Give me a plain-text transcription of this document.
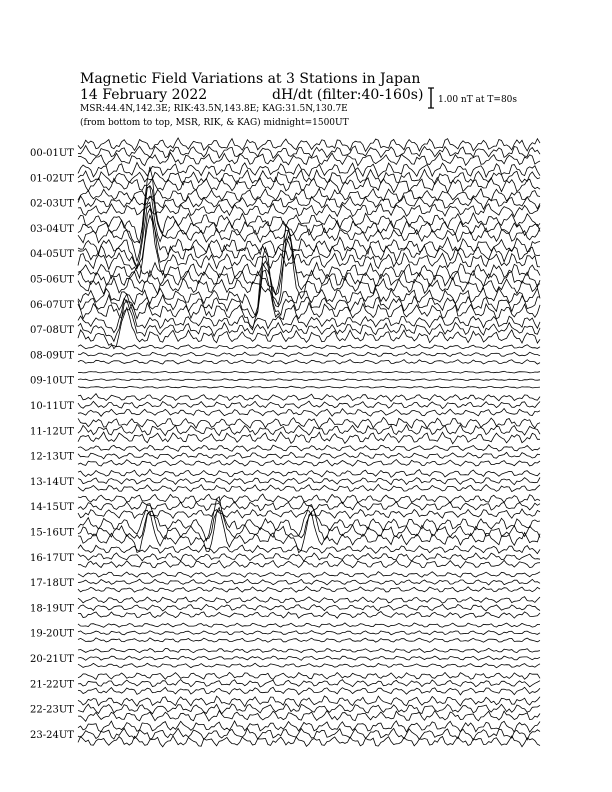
Magnetic Field Variations at 3 Stations in Japan
14 February 2022	dH/dt (filter:40-160s)
MSR:44.4N,142.3E; RIK:43.5N,143.8E; KAG:31.5N,130.7E
(from bottom to top, MSR, RIK, & KAG) midnight=1500UT
1.00 nT at T=80s
00-01UT
01-02UT
02-03UT
03-04UT
04-05UT
05-06UT
06-07UT
07-08UT
08-09UT
09-10UT
10-11UT
11-12UT
12-13UT
13-14UT
14-15UT
15-16UT
16-17UT
17-18UT
18-19UT
19-20UT
20-21UT
21-22UT
22-23UT
23-24UT
